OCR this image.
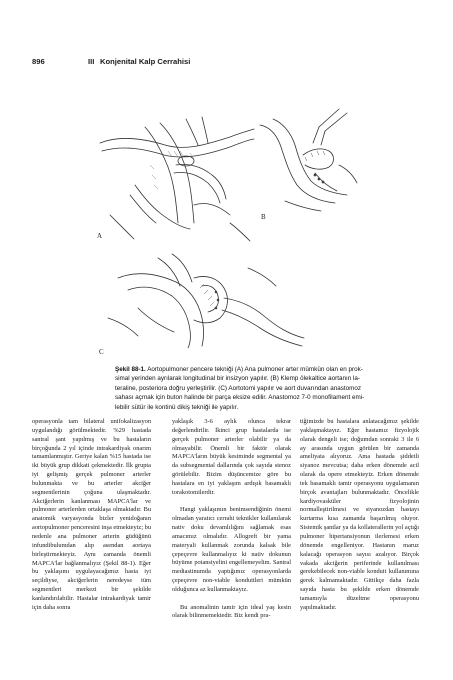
896	III Konjenital Kalp Cerrahisi
A
B
C

Şekil 88-1. Aortopulmoner pencere tekniği (A) Ana pulmoner arter mümkün olan en prok-

simal yerinden ayrılarak longitudinal bir insizyon yapılır. (B) Klemp ölekaltice aortanın la-

teraline, posteriora doğru yerleştirilir. (C) Aortotomi yapılır ve aort duvarından anastomoz

sahası açmak için buton halinde bir parça eksize edilir. Anastomoz 7-0 monofilament emi-

lebilir sütür ile kontinü dikiş tekniği ile yapılır.

operasyonla tam bilateral unifokalizasyon uygulandığı görülmektedir. %29 hastada santral şant yapılmış ve bu hastaların birçoğunda 2 yıl içinde intrakardiyak onarım tamamlanmıştır. Geriye kalan %15 hastada ise iki büyük grup dikkati çekmektedir. İlk grupta iyi gelişmiş gerçek pulmoner arterler bulunmakta ve bu arterler akciğer segmentlerinin çoğuna ulaşmaktadır. Akciğerlerin kanlanması MAPCA'lar ve pulmoner arterlerden ortaklaşa olmaktadır. Bu anatomik varyasyonda bizler yenidoğanın aortopulmoner penceresini inşa etmekteyiz; bu nedenle ana pulmoner arterin güdüğünü infundibulumdan alıp asendan aortaya birleştirmekteyiz. Aynı zamanda önemli MAPCA'lar bağlanmalıyız (Şekil 88-1). Eğer bu yaklaşımı uygulayacağımız hasta iyi seçildiyse, akciğerlerin neredeyse tüm segmentleri merkezi bir şekilde kanlandırılabilir. Hastalar intrakardiyak tamir için daha sonra

yaklaşık 3-6 aylık olunca tekrar değerlendirilir. İkinci grup hastalarda ise gerçek pulmoner arterler olabilir ya da olmayabilir. Önemli bir faktör olarak MAPCA'ların büyük kesiminde segmental ya da subsegmental dallarında çok sayıda stenoz görülebilir. Bizim düşüncemize göre bu hastalara en iyi yaklaşım ardışık basamaklı torakotomilerdir.

Hangi yaklaşımın benimsendiğinin önemi olmadan yaratıcı cerrahi teknikler kullanılarak nativ doku devamlılığını sağlamak esas amacımız olmalıdır. Allogreft bir yama materyali kullanmak zorunda kalsak bile çepeçevre kullanmalıyız ki nativ dokunun büyüme potansiyelini engellemeyelim. Santral mediastinumda yaptığımız operasyonlarda çepeçevre non-viable konduitleri mümkün olduğunca az kullanmaktayız.

Bu anomalinin tamir için ideal yaş kesin olarak bilinmemektedir. Biz kendi pra-

tiğimizde bu hastalara anlatacağımız şekilde yaklaşmaktayız. Eğer hastamız fizyolojik olarak dengeli ise; doğumdan sonraki 3 ile 6 ay arasında uygun görülen bir zamanda ameliyata alıyoruz. Ama hastada şiddetli siyanoz mevcutsa; daha erken dönemde acil olarak da opere etmekteyiz. Erken dönemde tek basamaklı tamir operasyonu uygulamanın birçok avantajları bulunmaktadır. Öncelikle kardiyovasküler fizyolojinin normalleştirilmesi ve siyanozdan hastayı kurtarma kısa zamanda başarılmış oluyor. Sistemik şantlar ya da kollaterallerin yol açtığı pulmoner hipertansiyonun ilerlemesi erken dönemde engelleniyor. Hastanın maruz kalacağı operasyon sayısı azalıyor. Birçok vakada akciğerin periferinde kullanılması gerekebilecek non-viable konduit kullanımına gerek kalmamaktadır. Gittikçe daha fazla sayıda hasta bu şekilde erken dönemde tamamıyla düzeltme operasyonu yapılmaktadır.
